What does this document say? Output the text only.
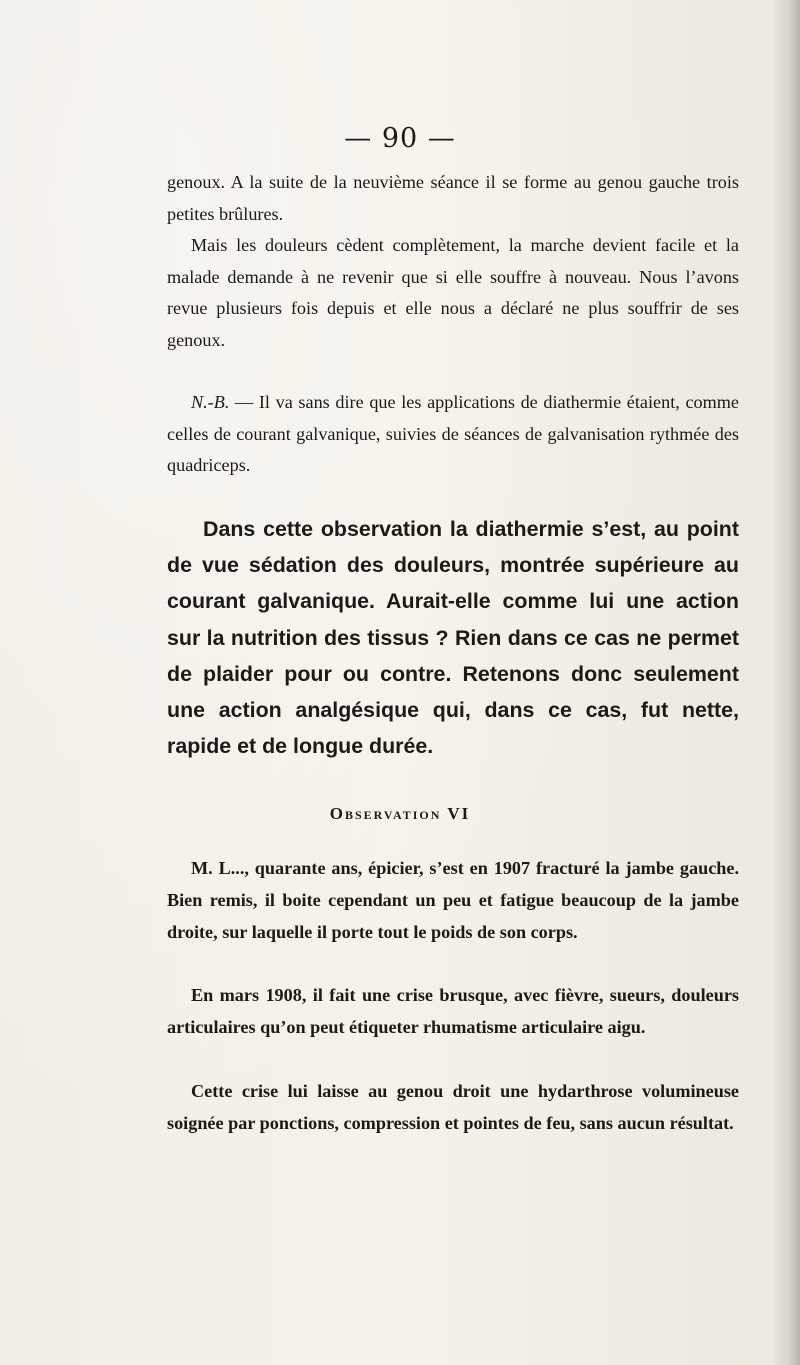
— 90 —

genoux. A la suite de la neuvième séance il se forme au genou gauche trois petites brûlures.

Mais les douleurs cèdent complètement, la marche devient facile et la malade demande à ne revenir que si elle souffre à nouveau. Nous l’avons revue plusieurs fois depuis et elle nous a déclaré ne plus souffrir de ses genoux.

N.-B. — Il va sans dire que les applications de diathermie étaient, comme celles de courant galvanique, suivies de séances de galvanisation rythmée des quadriceps.

Dans cette observation la diathermie s’est, au point de vue sédation des douleurs, montrée supérieure au courant galvanique. Aurait-elle comme lui une action sur la nutrition des tissus ? Rien dans ce cas ne permet de plaider pour ou contre. Retenons donc seulement une action analgésique qui, dans ce cas, fut nette, rapide et de longue durée.

Observation VI

M. L..., quarante ans, épicier, s’est en 1907 fracturé la jambe gauche. Bien remis, il boite cependant un peu et fatigue beaucoup de la jambe droite, sur laquelle il porte tout le poids de son corps.

En mars 1908, il fait une crise brusque, avec fièvre, sueurs, douleurs articulaires qu’on peut étiqueter rhumatisme articulaire aigu.

Cette crise lui laisse au genou droit une hydarthrose volumineuse soignée par ponctions, compression et pointes de feu, sans aucun résultat.
